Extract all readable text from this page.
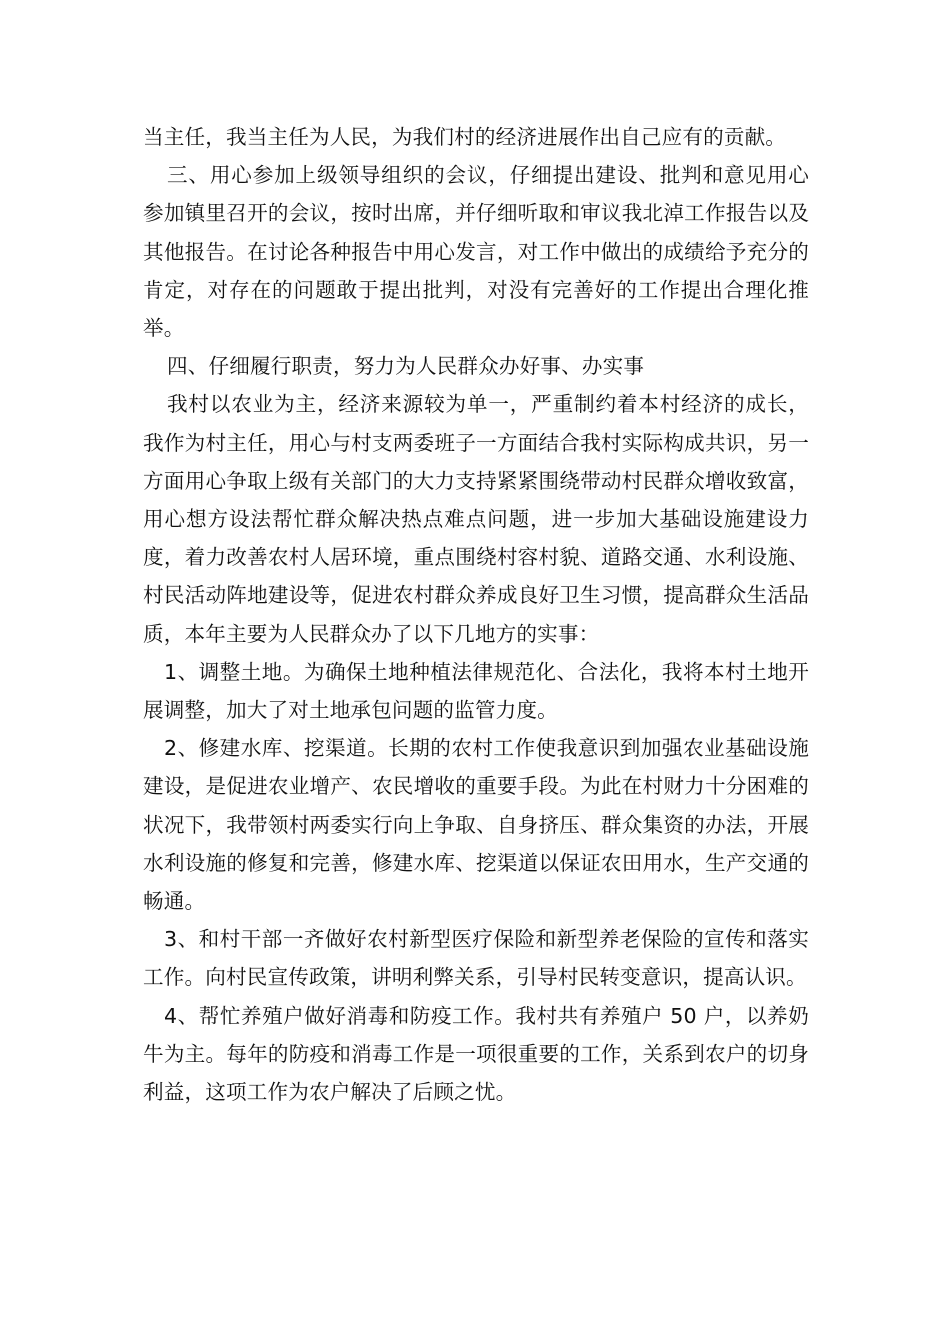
当主任，我当主任为人民，为我们村的经济进展作出自己应有的贡献。

三、用心参加上级领导组织的会议，仔细提出建设、批判和意见用心参加镇里召开的会议，按时出席，并仔细听取和审议我北淖工作报告以及其他报告。在讨论各种报告中用心发言，对工作中做出的成绩给予充分的肯定，对存在的问题敢于提出批判，对没有完善好的工作提出合理化推举。

四、仔细履行职责，努力为人民群众办好事、办实事

我村以农业为主，经济来源较为单一，严重制约着本村经济的成长，我作为村主任，用心与村支两委班子一方面结合我村实际构成共识，另一方面用心争取上级有关部门的大力支持紧紧围绕带动村民群众增收致富，用心想方设法帮忙群众解决热点难点问题，进一步加大基础设施建设力度，着力改善农村人居环境，重点围绕村容村貌、道路交通、水利设施、村民活动阵地建设等，促进农村群众养成良好卫生习惯，提高群众生活品质，本年主要为人民群众办了以下几地方的实事：

1、调整土地。为确保土地种植法律规范化、合法化，我将本村土地开展调整，加大了对土地承包问题的监管力度。

2、修建水库、挖渠道。长期的农村工作使我意识到加强农业基础设施建设，是促进农业增产、农民增收的重要手段。为此在村财力十分困难的状况下，我带领村两委实行向上争取、自身挤压、群众集资的办法，开展水利设施的修复和完善，修建水库、挖渠道以保证农田用水，生产交通的畅通。

3、和村干部一齐做好农村新型医疗保险和新型养老保险的宣传和落实工作。向村民宣传政策，讲明利弊关系，引导村民转变意识，提高认识。

4、帮忙养殖户做好消毒和防疫工作。我村共有养殖户 50 户，以养奶牛为主。每年的防疫和消毒工作是一项很重要的工作，关系到农户的切身利益，这项工作为农户解决了后顾之忧。
